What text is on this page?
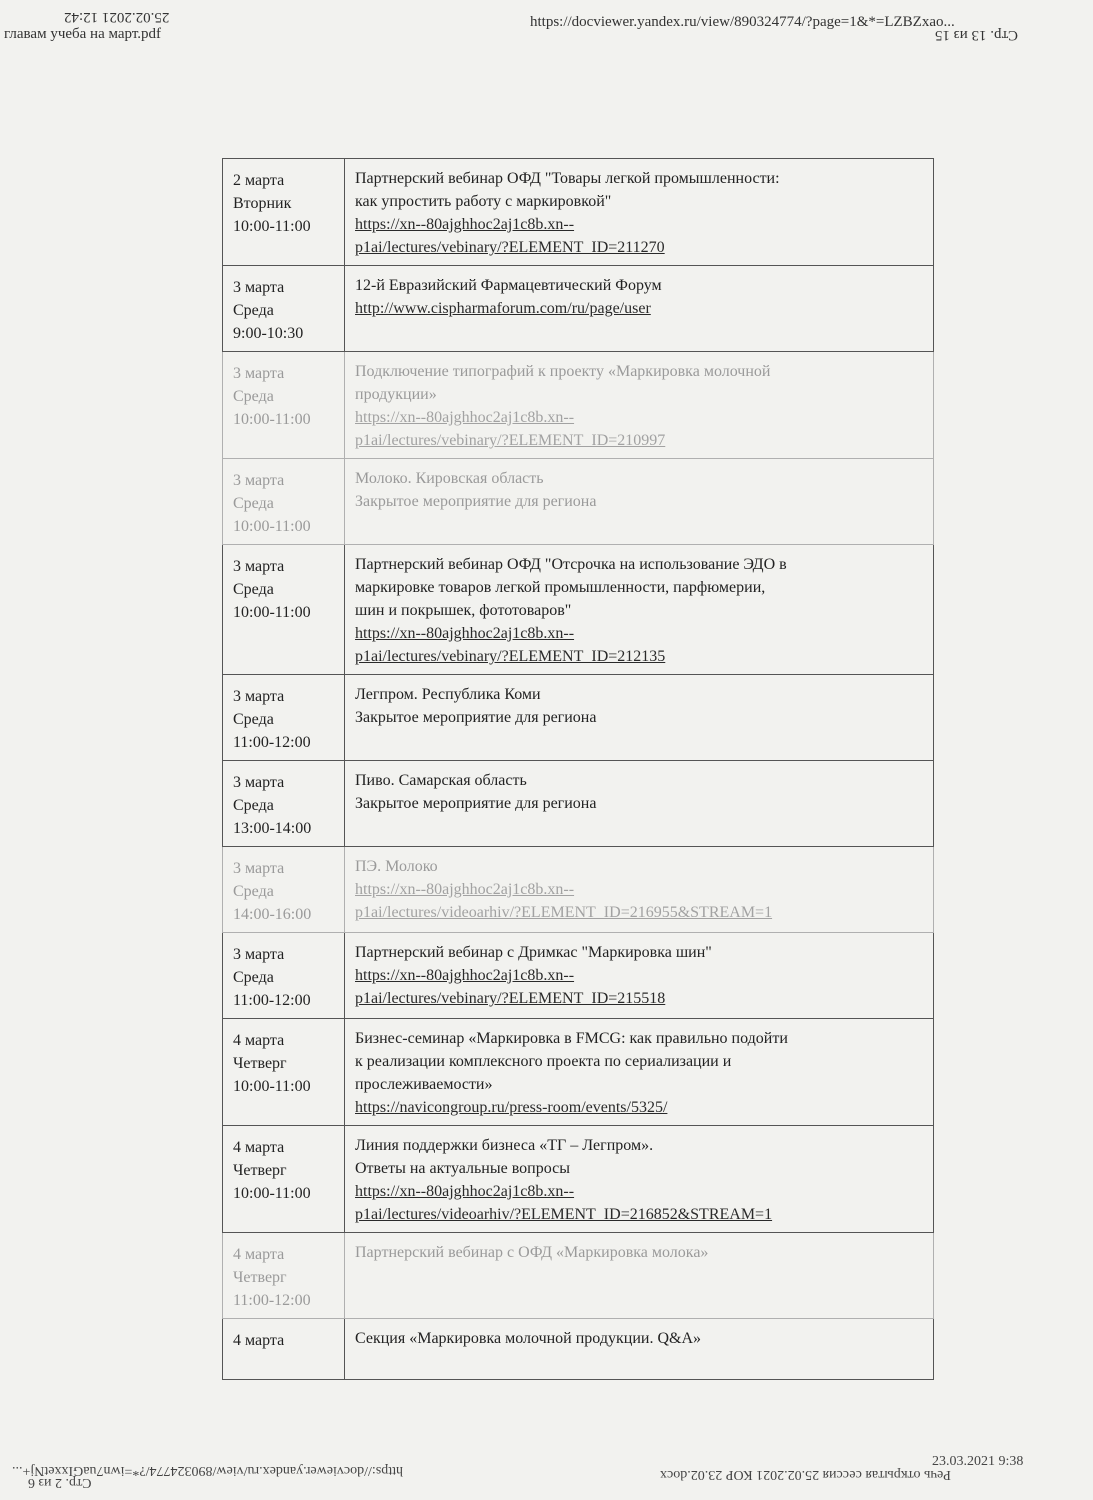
25.02.2021 12:42
главам учеба на март.pdf
https://docviewer.yandex.ru/view/890324774/?page=1&*=LZBZxao...
Стр. 13 из 15
2 марта
Вторник
10:00-11:00
Партнерский вебинар ОФД "Товары легкой промышленности:
как упростить работу с маркировкой"
https://xn--80ajghhoc2aj1c8b.xn--
p1ai/lectures/vebinary/?ELEMENT_ID=211270
3 марта
Среда
9:00-10:30
12-й Евразийский Фармацевтический Форум
http://www.cispharmaforum.com/ru/page/user
3 марта
Среда
10:00-11:00
Подключение типографий к проекту «Маркировка молочной
продукции»
https://xn--80ajghhoc2aj1c8b.xn--
p1ai/lectures/vebinary/?ELEMENT_ID=210997
3 марта
Среда
10:00-11:00
Молоко. Кировская область
Закрытое мероприятие для региона
3 марта
Среда
10:00-11:00
Партнерский вебинар ОФД "Отсрочка на использование ЭДО в
маркировке товаров легкой промышленности, парфюмерии,
шин и покрышек, фототоваров"
https://xn--80ajghhoc2aj1c8b.xn--
p1ai/lectures/vebinary/?ELEMENT_ID=212135
3 марта
Среда
11:00-12:00
Легпром. Республика Коми
Закрытое мероприятие для региона
3 марта
Среда
13:00-14:00
Пиво. Самарская область
Закрытое мероприятие для региона
3 марта
Среда
14:00-16:00
ПЭ. Молоко
https://xn--80ajghhoc2aj1c8b.xn--
p1ai/lectures/videoarhiv/?ELEMENT_ID=216955&STREAM=1
3 марта
Среда
11:00-12:00
Партнерский вебинар с Дримкас "Маркировка шин"
https://xn--80ajghhoc2aj1c8b.xn--
p1ai/lectures/vebinary/?ELEMENT_ID=215518
4 марта
Четверг
10:00-11:00
Бизнес-семинар «Маркировка в FMCG: как правильно подойти
к реализации комплексного проекта по сериализации и
прослеживаемости»
https://navicongroup.ru/press-room/events/5325/
4 марта
Четверг
10:00-11:00
Линия поддержки бизнеса «ТГ – Легпром».
Ответы на актуальные вопросы
https://xn--80ajghhoc2aj1c8b.xn--
p1ai/lectures/videoarhiv/?ELEMENT_ID=216852&STREAM=1
4 марта
Четверг
11:00-12:00
Партнерский вебинар с ОФД «Маркировка молока»
4 марта	Секция «Маркировка молочной продукции. Q&A»
23.03.2021 9:38
Речь открытая сессия 25.02.2021 КОР 23.02.docx
https://docviewer.yandex.ru/view/890324774/?*=iwn7uaGIxxetNj+...
Стр. 2 из 6
